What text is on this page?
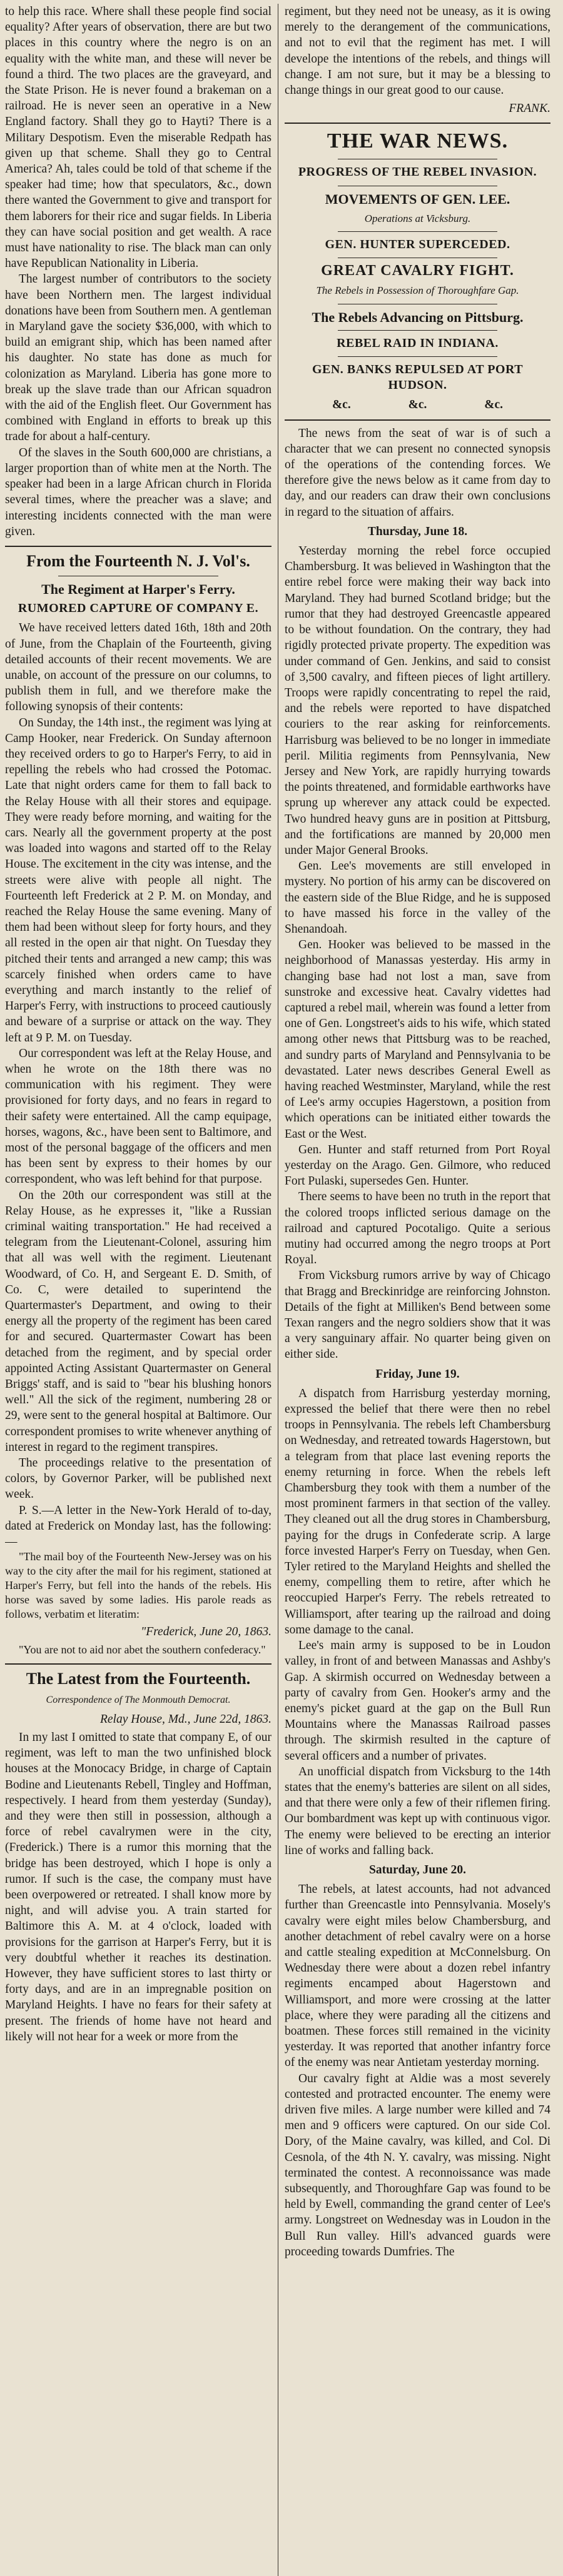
to help this race. Where shall these people find social equality? After years of observation, there are but two places in this country where the negro is on an equality with the white man, and these will never be found a third. The two places are the graveyard, and the State Prison. He is never found a brakeman on a railroad. He is never seen an operative in a New England factory. Shall they go to Hayti? There is a Military Despotism. Even the miserable Redpath has given up that scheme. Shall they go to Central America? Ah, tales could be told of that scheme if the speaker had time; how that speculators, &c., down there wanted the Government to give and transport for them laborers for their rice and sugar fields. In Liberia they can have social position and get wealth. A race must have nationality to rise. The black man can only have Republican Nationality in Liberia.

The largest number of contributors to the society have been Northern men. The largest individual donations have been from Southern men. A gentleman in Maryland gave the society $36,000, with which to build an emigrant ship, which has been named after his daughter. No state has done as much for colonization as Maryland. Liberia has gone more to break up the slave trade than our African squadron with the aid of the English fleet. Our Government has combined with England in efforts to break up this trade for about a half-century.

Of the slaves in the South 600,000 are christians, a larger proportion than of white men at the North. The speaker had been in a large African church in Florida several times, where the preacher was a slave; and interesting incidents connected with the man were given.

From the Fourteenth N. J. Vol's.
The Regiment at Harper's Ferry.
RUMORED CAPTURE OF COMPANY E.

We have received letters dated 16th, 18th and 20th of June, from the Chaplain of the Fourteenth, giving detailed accounts of their recent movements. We are unable, on account of the pressure on our columns, to publish them in full, and we therefore make the following synopsis of their contents:

On Sunday, the 14th inst., the regiment was lying at Camp Hooker, near Frederick. On Sunday afternoon they received orders to go to Harper's Ferry, to aid in repelling the rebels who had crossed the Potomac. Late that night orders came for them to fall back to the Relay House with all their stores and equipage. They were ready before morning, and waiting for the cars. Nearly all the government property at the post was loaded into wagons and started off to the Relay House. The excitement in the city was intense, and the streets were alive with people all night. The Fourteenth left Frederick at 2 P. M. on Monday, and reached the Relay House the same evening. Many of them had been without sleep for forty hours, and they all rested in the open air that night. On Tuesday they pitched their tents and arranged a new camp; this was scarcely finished when orders came to have everything and march instantly to the relief of Harper's Ferry, with instructions to proceed cautiously and beware of a surprise or attack on the way. They left at 9 P. M. on Tuesday.

Our correspondent was left at the Relay House, and when he wrote on the 18th there was no communication with his regiment. They were provisioned for forty days, and no fears in regard to their safety were entertained. All the camp equipage, horses, wagons, &c., have been sent to Baltimore, and most of the personal baggage of the officers and men has been sent by express to their homes by our correspondent, who was left behind for that purpose.

On the 20th our correspondent was still at the Relay House, as he expresses it, "like a Russian criminal waiting transportation." He had received a telegram from the Lieutenant-Colonel, assuring him that all was well with the regiment. Lieutenant Woodward, of Co. H, and Sergeant E. D. Smith, of Co. C, were detailed to superintend the Quartermaster's Department, and owing to their energy all the property of the regiment has been cared for and secured. Quartermaster Cowart has been detached from the regiment, and by special order appointed Acting Assistant Quartermaster on General Briggs' staff, and is said to "bear his blushing honors well." All the sick of the regiment, numbering 28 or 29, were sent to the general hospital at Baltimore. Our correspondent promises to write whenever anything of interest in regard to the regiment transpires.

The proceedings relative to the presentation of colors, by Governor Parker, will be published next week.

P. S.—A letter in the New-York Herald of to-day, dated at Frederick on Monday last, has the following:—

"The mail boy of the Fourteenth New-Jersey was on his way to the city after the mail for his regiment, stationed at Harper's Ferry, but fell into the hands of the rebels. His horse was saved by some ladies. His parole reads as follows, verbatim et literatim:

"Frederick, June 20, 1863.

"You are not to aid nor abet the southern confederacy."

The Latest from the Fourteenth.
Correspondence of The Monmouth Democrat.
Relay House, Md., June 22d, 1863.

In my last I omitted to state that company E, of our regiment, was left to man the two unfinished block houses at the Monocacy Bridge, in charge of Captain Bodine and Lieutenants Rebell, Tingley and Hoffman, respectively. I heard from them yesterday (Sunday), and they were then still in possession, although a force of rebel cavalrymen were in the city, (Frederick.) There is a rumor this morning that the bridge has been destroyed, which I hope is only a rumor. If such is the case, the company must have been overpowered or retreated. I shall know more by night, and will advise you. A train started for Baltimore this A. M. at 4 o'clock, loaded with provisions for the garrison at Harper's Ferry, but it is very doubtful whether it reaches its destination. However, they have sufficient stores to last thirty or forty days, and are in an impregnable position on Maryland Heights. I have no fears for their safety at present. The friends of home have not heard and likely will not hear for a week or more from the

regiment, but they need not be uneasy, as it is owing merely to the derangement of the communications, and not to evil that the regiment has met. I will develope the intentions of the rebels, and things will change. I am not sure, but it may be a blessing to change things in our great good to our cause.

FRANK.
THE WAR NEWS.
PROGRESS OF THE REBEL INVASION.
MOVEMENTS OF GEN. LEE.
Operations at Vicksburg.
GEN. HUNTER SUPERCEDED.
GREAT CAVALRY FIGHT.
The Rebels in Possession of Thoroughfare Gap.
The Rebels Advancing on Pittsburg.
REBEL RAID IN INDIANA.
GEN. BANKS REPULSED AT PORT HUDSON.
&c.	&c.	&c.

The news from the seat of war is of such a character that we can present no connected synopsis of the operations of the contending forces. We therefore give the news below as it came from day to day, and our readers can draw their own conclusions in regard to the situation of affairs.

Thursday, June 18.

Yesterday morning the rebel force occupied Chambersburg. It was believed in Washington that the entire rebel force were making their way back into Maryland. They had burned Scotland bridge; but the rumor that they had destroyed Greencastle appeared to be without foundation. On the contrary, they had rigidly protected private property. The expedition was under command of Gen. Jenkins, and said to consist of 3,500 cavalry, and fifteen pieces of light artillery. Troops were rapidly concentrating to repel the raid, and the rebels were reported to have dispatched couriers to the rear asking for reinforcements. Harrisburg was believed to be no longer in immediate peril. Militia regiments from Pennsylvania, New Jersey and New York, are rapidly hurrying towards the points threatened, and formidable earthworks have sprung up wherever any attack could be expected. Two hundred heavy guns are in position at Pittsburg, and the fortifications are manned by 20,000 men under Major General Brooks.

Gen. Lee's movements are still enveloped in mystery. No portion of his army can be discovered on the eastern side of the Blue Ridge, and he is supposed to have massed his force in the valley of the Shenandoah.

Gen. Hooker was believed to be massed in the neighborhood of Manassas yesterday. His army in changing base had not lost a man, save from sunstroke and excessive heat. Cavalry videttes had captured a rebel mail, wherein was found a letter from one of Gen. Longstreet's aids to his wife, which stated among other news that Pittsburg was to be reached, and sundry parts of Maryland and Pennsylvania to be devastated. Later news describes General Ewell as having reached Westminster, Maryland, while the rest of Lee's army occupies Hagerstown, a position from which operations can be initiated either towards the East or the West.

Gen. Hunter and staff returned from Port Royal yesterday on the Arago. Gen. Gilmore, who reduced Fort Pulaski, supersedes Gen. Hunter.

There seems to have been no truth in the report that the colored troops inflicted serious damage on the railroad and captured Pocotaligo. Quite a serious mutiny had occurred among the negro troops at Port Royal.

From Vicksburg rumors arrive by way of Chicago that Bragg and Breckinridge are reinforcing Johnston. Details of the fight at Milliken's Bend between some Texan rangers and the negro soldiers show that it was a very sanguinary affair. No quarter being given on either side.

Friday, June 19.

A dispatch from Harrisburg yesterday morning, expressed the belief that there were then no rebel troops in Pennsylvania. The rebels left Chambersburg on Wednesday, and retreated towards Hagerstown, but a telegram from that place last evening reports the enemy returning in force. When the rebels left Chambersburg they took with them a number of the most prominent farmers in that section of the valley. They cleaned out all the drug stores in Chambersburg, paying for the drugs in Confederate scrip. A large force invested Harper's Ferry on Tuesday, when Gen. Tyler retired to the Maryland Heights and shelled the enemy, compelling them to retire, after which he reoccupied Harper's Ferry. The rebels retreated to Williamsport, after tearing up the railroad and doing some damage to the canal.

Lee's main army is supposed to be in Loudon valley, in front of and between Manassas and Ashby's Gap. A skirmish occurred on Wednesday between a party of cavalry from Gen. Hooker's army and the enemy's picket guard at the gap on the Bull Run Mountains where the Manassas Railroad passes through. The skirmish resulted in the capture of several officers and a number of privates.

An unofficial dispatch from Vicksburg to the 14th states that the enemy's batteries are silent on all sides, and that there were only a few of their riflemen firing. Our bombardment was kept up with continuous vigor. The enemy were believed to be erecting an interior line of works and falling back.

Saturday, June 20.

The rebels, at latest accounts, had not advanced further than Greencastle into Pennsylvania. Mosely's cavalry were eight miles below Chambersburg, and another detachment of rebel cavalry were on a horse and cattle stealing expedition at McConnelsburg. On Wednesday there were about a dozen rebel infantry regiments encamped about Hagerstown and Williamsport, and more were crossing at the latter place, where they were parading all the citizens and boatmen. These forces still remained in the vicinity yesterday. It was reported that another infantry force of the enemy was near Antietam yesterday morning.

Our cavalry fight at Aldie was a most severely contested and protracted encounter. The enemy were driven five miles. A large number were killed and 74 men and 9 officers were captured. On our side Col. Dory, of the Maine cavalry, was killed, and Col. Di Cesnola, of the 4th N. Y. cavalry, was missing. Night terminated the contest. A reconnoissance was made subsequently, and Thoroughfare Gap was found to be held by Ewell, commanding the grand center of Lee's army. Longstreet on Wednesday was in Loudon in the Bull Run valley. Hill's advanced guards were proceeding towards Dumfries. The
